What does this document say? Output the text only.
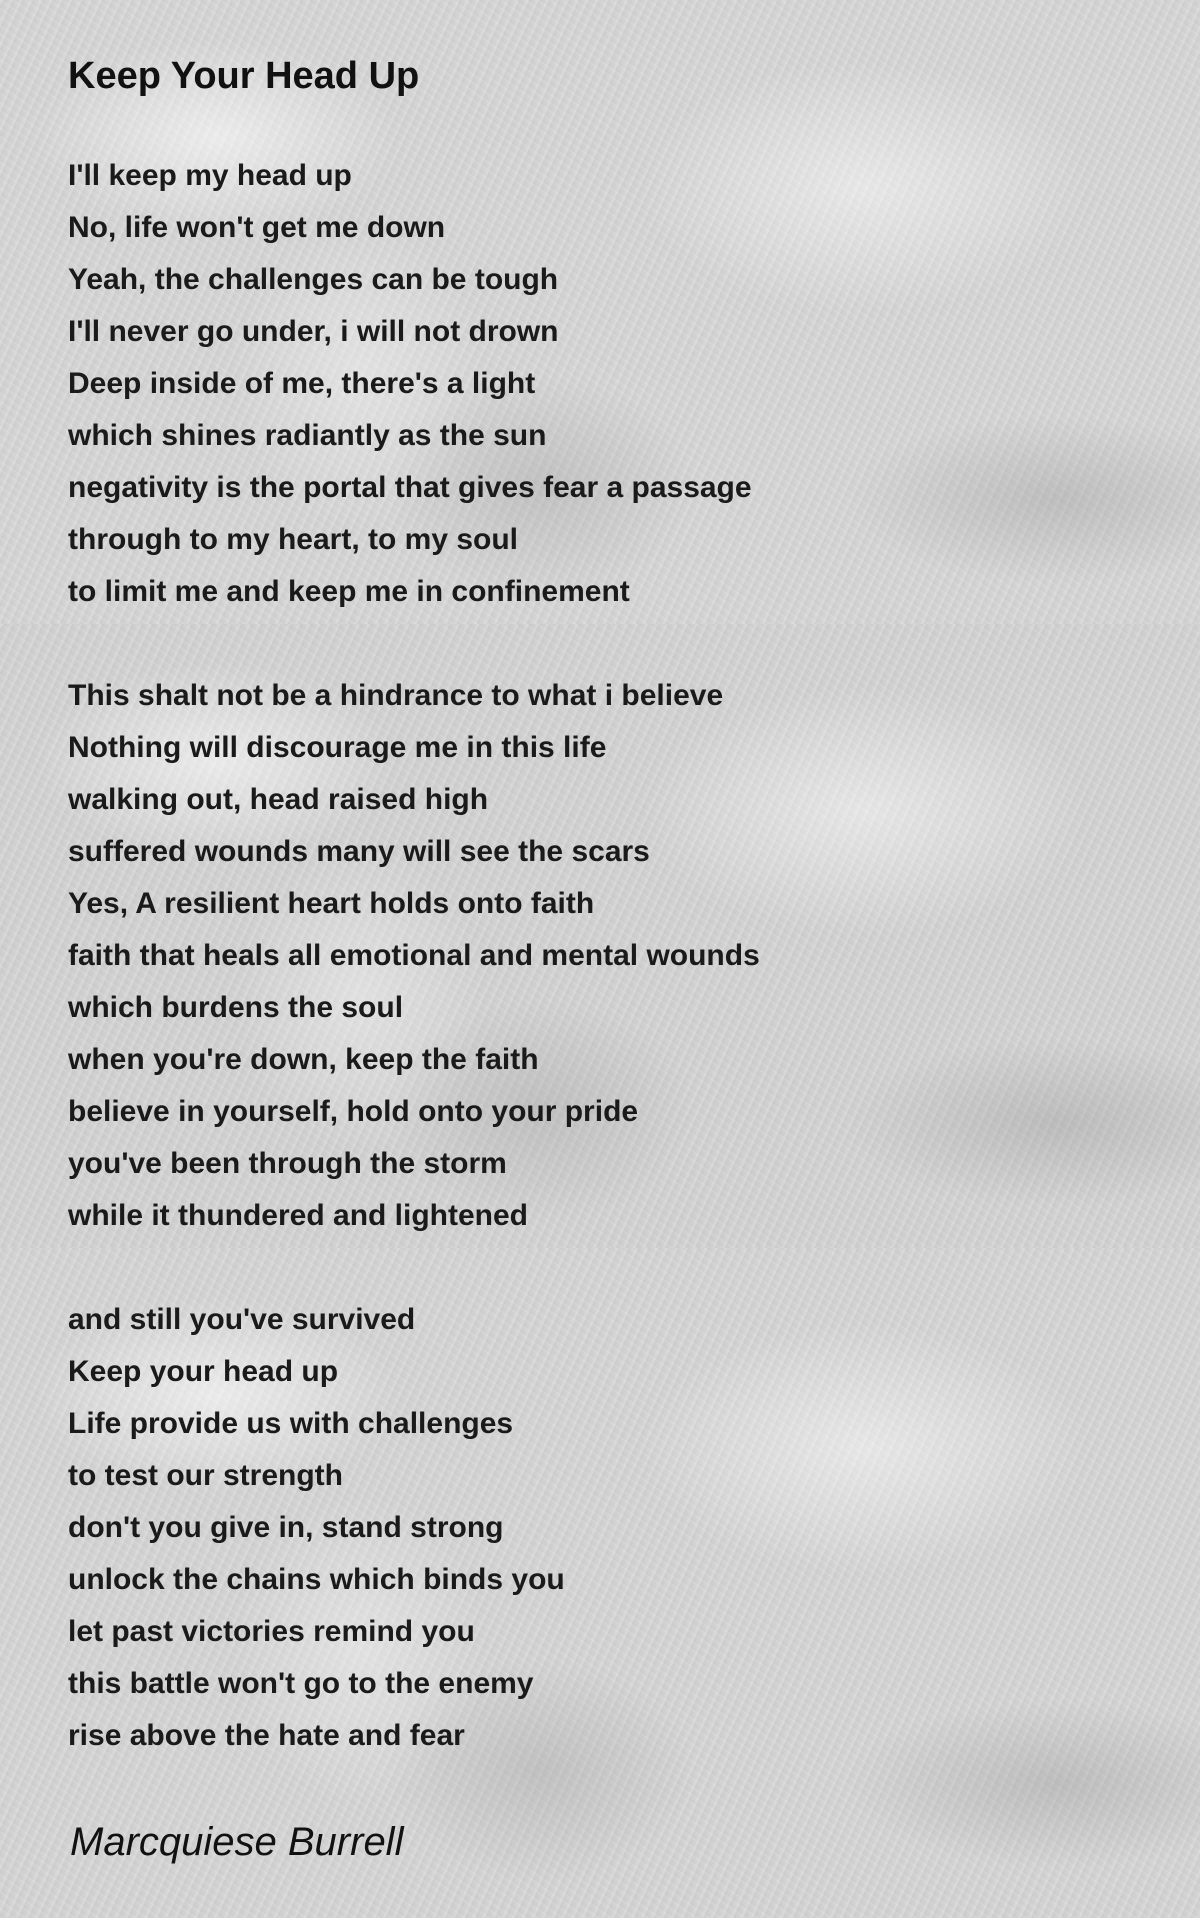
Keep Your Head Up
I'll keep my head up
No, life won't get me down
Yeah, the challenges can be tough
I'll never go under, i will not drown
Deep inside of me, there's a light
which shines radiantly as the sun
negativity is the portal that gives fear a passage
through to my heart, to my soul
to limit me and keep me in confinement
This shalt not be a hindrance to what i believe
Nothing will discourage me in this life
walking out, head raised high
suffered wounds many will see the scars
Yes, A resilient heart holds onto faith
faith that heals all emotional and mental wounds
which burdens the soul
when you're down, keep the faith
believe in yourself, hold onto your pride
you've been through the storm
while it thundered and lightened
and still you've survived
Keep your head up
Life provide us with challenges
to test our strength
don't you give in, stand strong
unlock the chains which binds you
let past victories remind you
this battle won't go to the enemy
rise above the hate and fear

Marcquiese Burrell
